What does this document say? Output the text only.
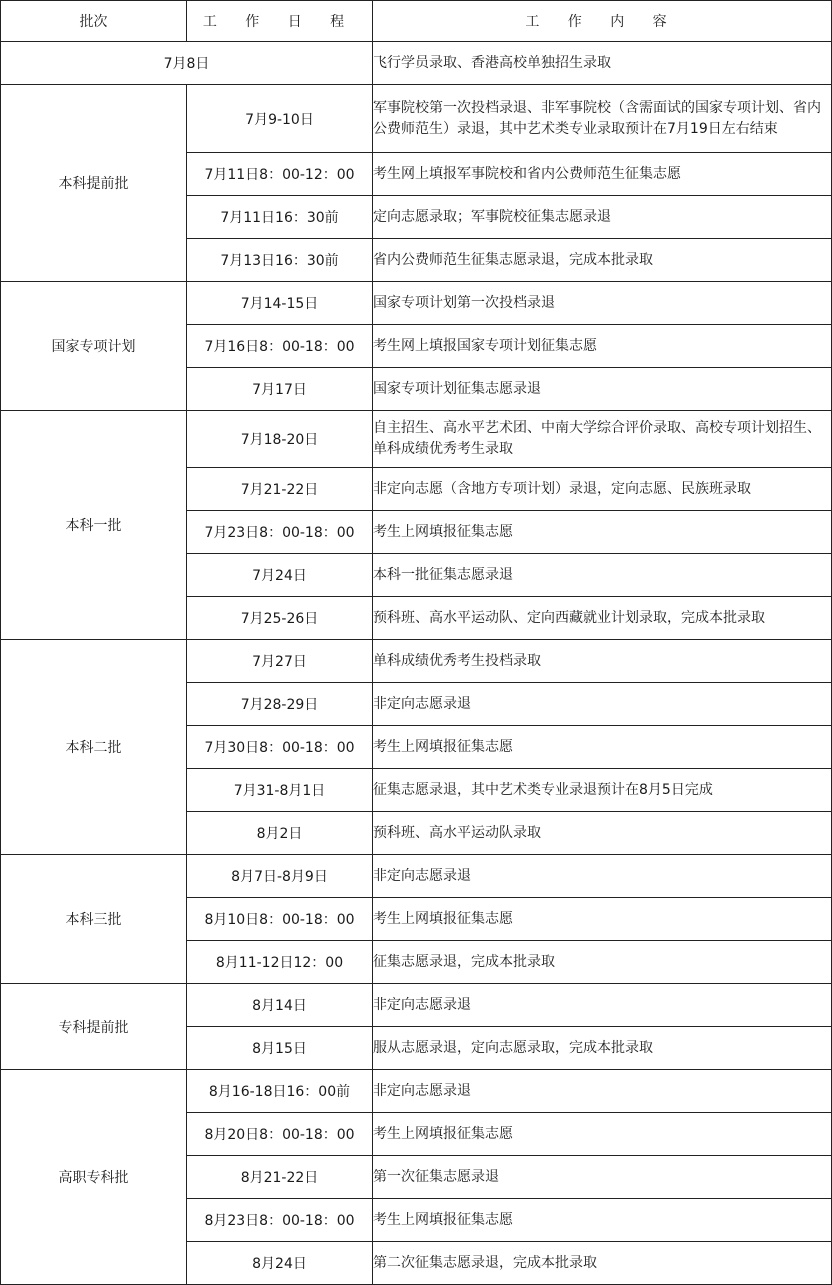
批次	工 作 日 程	工 作 内 容
7月8日		飞行学员录取、香港高校单独招生录取
本科提前批	7月9-10日	军事院校第一次投档录退、非军事院校（含需面试的国家专项计划、省内公费师范生）录退，其中艺术类专业录取预计在7月19日左右结束
	7月11日8：00-12：00	考生网上填报军事院校和省内公费师范生征集志愿
	7月11日16：30前	定向志愿录取；军事院校征集志愿录退
	7月13日16：30前	省内公费师范生征集志愿录退，完成本批录取
国家专项计划	7月14-15日	国家专项计划第一次投档录退
	7月16日8：00-18：00	考生网上填报国家专项计划征集志愿
	7月17日	国家专项计划征集志愿录退
本科一批	7月18-20日	自主招生、高水平艺术团、中南大学综合评价录取、高校专项计划招生、单科成绩优秀考生录取
	7月21-22日	非定向志愿（含地方专项计划）录退，定向志愿、民族班录取
	7月23日8：00-18：00	考生上网填报征集志愿
	7月24日	本科一批征集志愿录退
	7月25-26日	预科班、高水平运动队、定向西藏就业计划录取，完成本批录取
本科二批	7月27日	单科成绩优秀考生投档录取
	7月28-29日	非定向志愿录退
	7月30日8：00-18：00	考生上网填报征集志愿
	7月31-8月1日	征集志愿录退，其中艺术类专业录退预计在8月5日完成
	8月2日	预科班、高水平运动队录取
本科三批	8月7日-8月9日	非定向志愿录退
	8月10日8：00-18：00	考生上网填报征集志愿
	8月11-12日12：00	征集志愿录退，完成本批录取
专科提前批	8月14日	非定向志愿录退
	8月15日	服从志愿录退，定向志愿录取，完成本批录取
高职专科批	8月16-18日16：00前	非定向志愿录退
	8月20日8：00-18：00	考生上网填报征集志愿
	8月21-22日	第一次征集志愿录退
	8月23日8：00-18：00	考生上网填报征集志愿
	8月24日	第二次征集志愿录退，完成本批录取
